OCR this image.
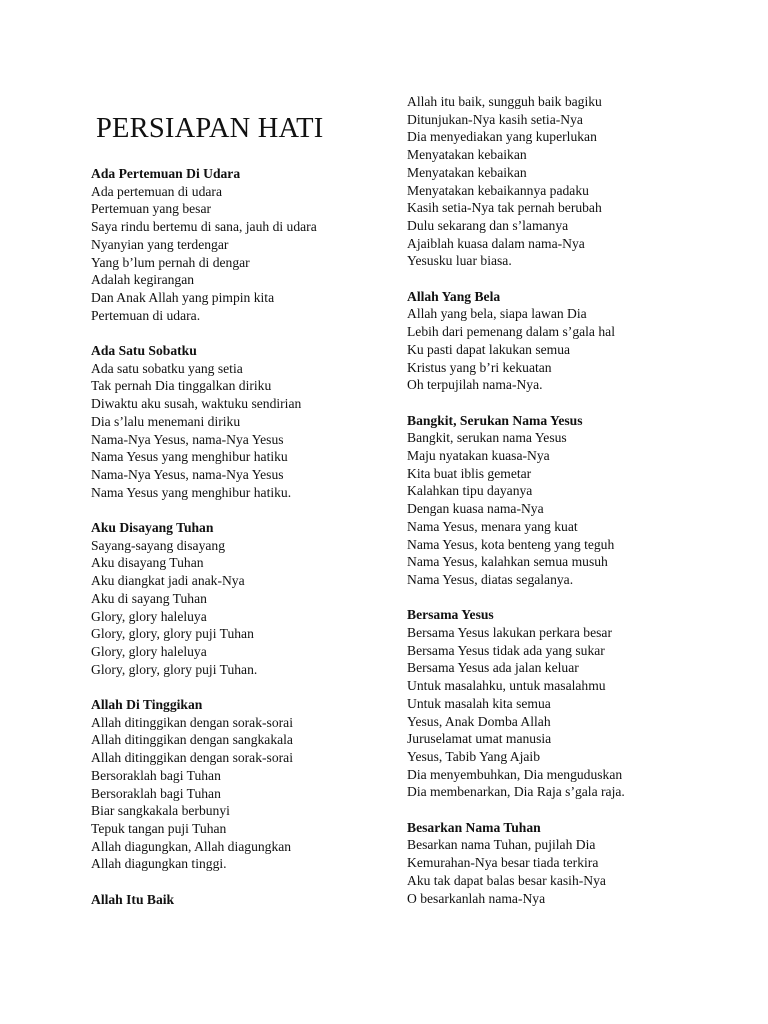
PERSIAPAN HATI
Ada Pertemuan Di Udara
Ada pertemuan di udara
Pertemuan yang besar
Saya rindu bertemu di sana, jauh di udara
Nyanyian yang terdengar
Yang b’lum pernah di dengar
Adalah kegirangan
Dan Anak Allah yang pimpin kita
Pertemuan di udara.
Ada Satu Sobatku
Ada satu sobatku yang setia
Tak pernah Dia tinggalkan diriku
Diwaktu aku susah, waktuku sendirian
Dia s’lalu menemani diriku
Nama-Nya Yesus, nama-Nya Yesus
Nama Yesus yang menghibur hatiku
Nama-Nya Yesus, nama-Nya Yesus
Nama Yesus yang menghibur hatiku.
Aku Disayang Tuhan
Sayang-sayang disayang
Aku disayang Tuhan
Aku diangkat jadi anak-Nya
Aku di sayang Tuhan
Glory, glory haleluya
Glory, glory, glory puji Tuhan
Glory, glory haleluya
Glory, glory, glory puji Tuhan.
Allah Di Tinggikan
Allah ditinggikan dengan sorak-sorai
Allah ditinggikan dengan sangkakala
Allah ditinggikan dengan sorak-sorai
Bersoraklah bagi Tuhan
Bersoraklah bagi Tuhan
Biar sangkakala berbunyi
Tepuk tangan puji Tuhan
Allah diagungkan, Allah diagungkan
Allah diagungkan tinggi.
Allah Itu Baik
Allah itu baik, sungguh baik bagiku
Ditunjukan-Nya kasih setia-Nya
Dia menyediakan yang kuperlukan
Menyatakan kebaikan
Menyatakan kebaikan
Menyatakan kebaikannya padaku
Kasih setia-Nya tak pernah berubah
Dulu sekarang dan s’lamanya
Ajaiblah kuasa dalam nama-Nya
Yesusku luar biasa.
Allah Yang Bela
Allah yang bela, siapa lawan Dia
Lebih dari pemenang dalam s’gala hal
Ku pasti dapat lakukan semua
Kristus yang b’ri kekuatan
Oh terpujilah nama-Nya.
Bangkit, Serukan Nama Yesus
Bangkit, serukan nama Yesus
Maju nyatakan kuasa-Nya
Kita buat iblis gemetar
Kalahkan tipu dayanya
Dengan kuasa nama-Nya
Nama Yesus, menara yang kuat
Nama Yesus, kota benteng yang teguh
Nama Yesus, kalahkan semua musuh
Nama Yesus, diatas segalanya.
Bersama Yesus
Bersama Yesus lakukan perkara besar
Bersama Yesus tidak ada yang sukar
Bersama Yesus ada jalan keluar
Untuk masalahku, untuk masalahmu
Untuk masalah kita semua
Yesus, Anak Domba Allah
Juruselamat umat manusia
Yesus, Tabib Yang Ajaib
Dia menyembuhkan, Dia menguduskan
Dia membenarkan, Dia Raja s’gala raja.
Besarkan Nama Tuhan
Besarkan nama Tuhan, pujilah Dia
Kemurahan-Nya besar tiada terkira
Aku tak dapat balas besar kasih-Nya
O besarkanlah nama-Nya
